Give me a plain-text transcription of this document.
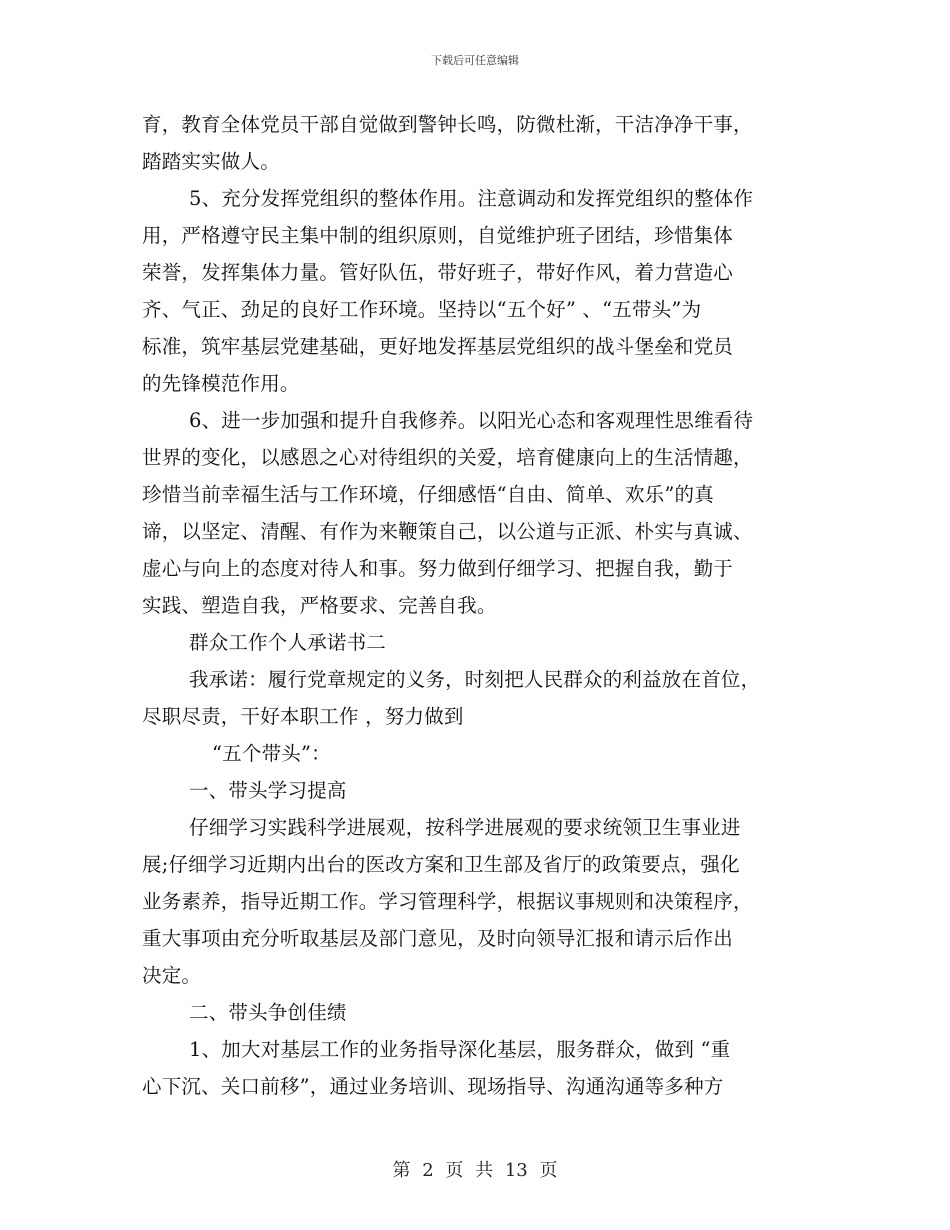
下载后可任意编辑

育，教育全体党员干部自觉做到警钟长鸣，防微杜渐，干洁净净干事，

踏踏实实做人。

5、充分发挥党组织的整体作用。注意调动和发挥党组织的整体作

用，严格遵守民主集中制的组织原则，自觉维护班子团结，珍惜集体

荣誉，发挥集体力量。管好队伍，带好班子，带好作风，着力营造心

齐、气正、劲足的良好工作环境。坚持以“五个好” 、“五带头”为

标准，筑牢基层党建基础，更好地发挥基层党组织的战斗堡垒和党员

的先锋模范作用。

6、进一步加强和提升自我修养。以阳光心态和客观理性思维看待

世界的变化，以感恩之心对待组织的关爱，培育健康向上的生活情趣，

珍惜当前幸福生活与工作环境，仔细感悟“自由、简单、欢乐”的真

谛，以坚定、清醒、有作为来鞭策自己，以公道与正派、朴实与真诚、

虚心与向上的态度对待人和事。努力做到仔细学习、把握自我，勤于

实践、塑造自我，严格要求、完善自我。

群众工作个人承诺书二

我承诺：履行党章规定的义务，时刻把人民群众的利益放在首位，

尽职尽责，干好本职工作 ，努力做到

“五个带头”：

一、带头学习提高

仔细学习实践科学进展观，按科学进展观的要求统领卫生事业进

展;仔细学习近期内出台的医改方案和卫生部及省厅的政策要点，强化

业务素养，指导近期工作。学习管理科学，根据议事规则和决策程序，

重大事项由充分听取基层及部门意见，及时向领导汇报和请示后作出

决定。

二、带头争创佳绩

1、加大对基层工作的业务指导深化基层，服务群众，做到 “重

心下沉、关口前移”，通过业务培训、现场指导、沟通沟通等多种方

第 2 页 共 13 页
